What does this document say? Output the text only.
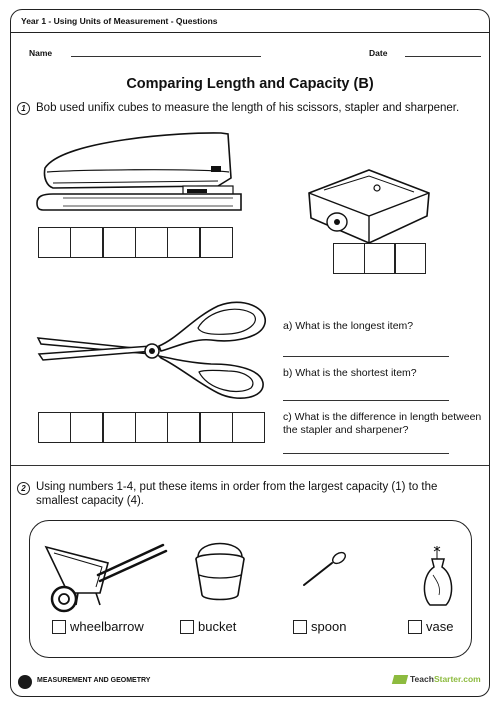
Year 1 - Using Units of Measurement - Questions
Name	Date
Comparing Length and Capacity (B)
1 Bob used unifix cubes to measure the length of his scissors, stapler and sharpener.
a) What is the longest item?
b) What is the shortest item?
c) What is the difference in length between the stapler and sharpener?
2 Using numbers 1-4, put these items in order from the largest capacity (1) to the smallest capacity (4).
wheelbarrow	bucket	spoon	vase
MEASUREMENT AND GEOMETRY	Teach Starter.com
